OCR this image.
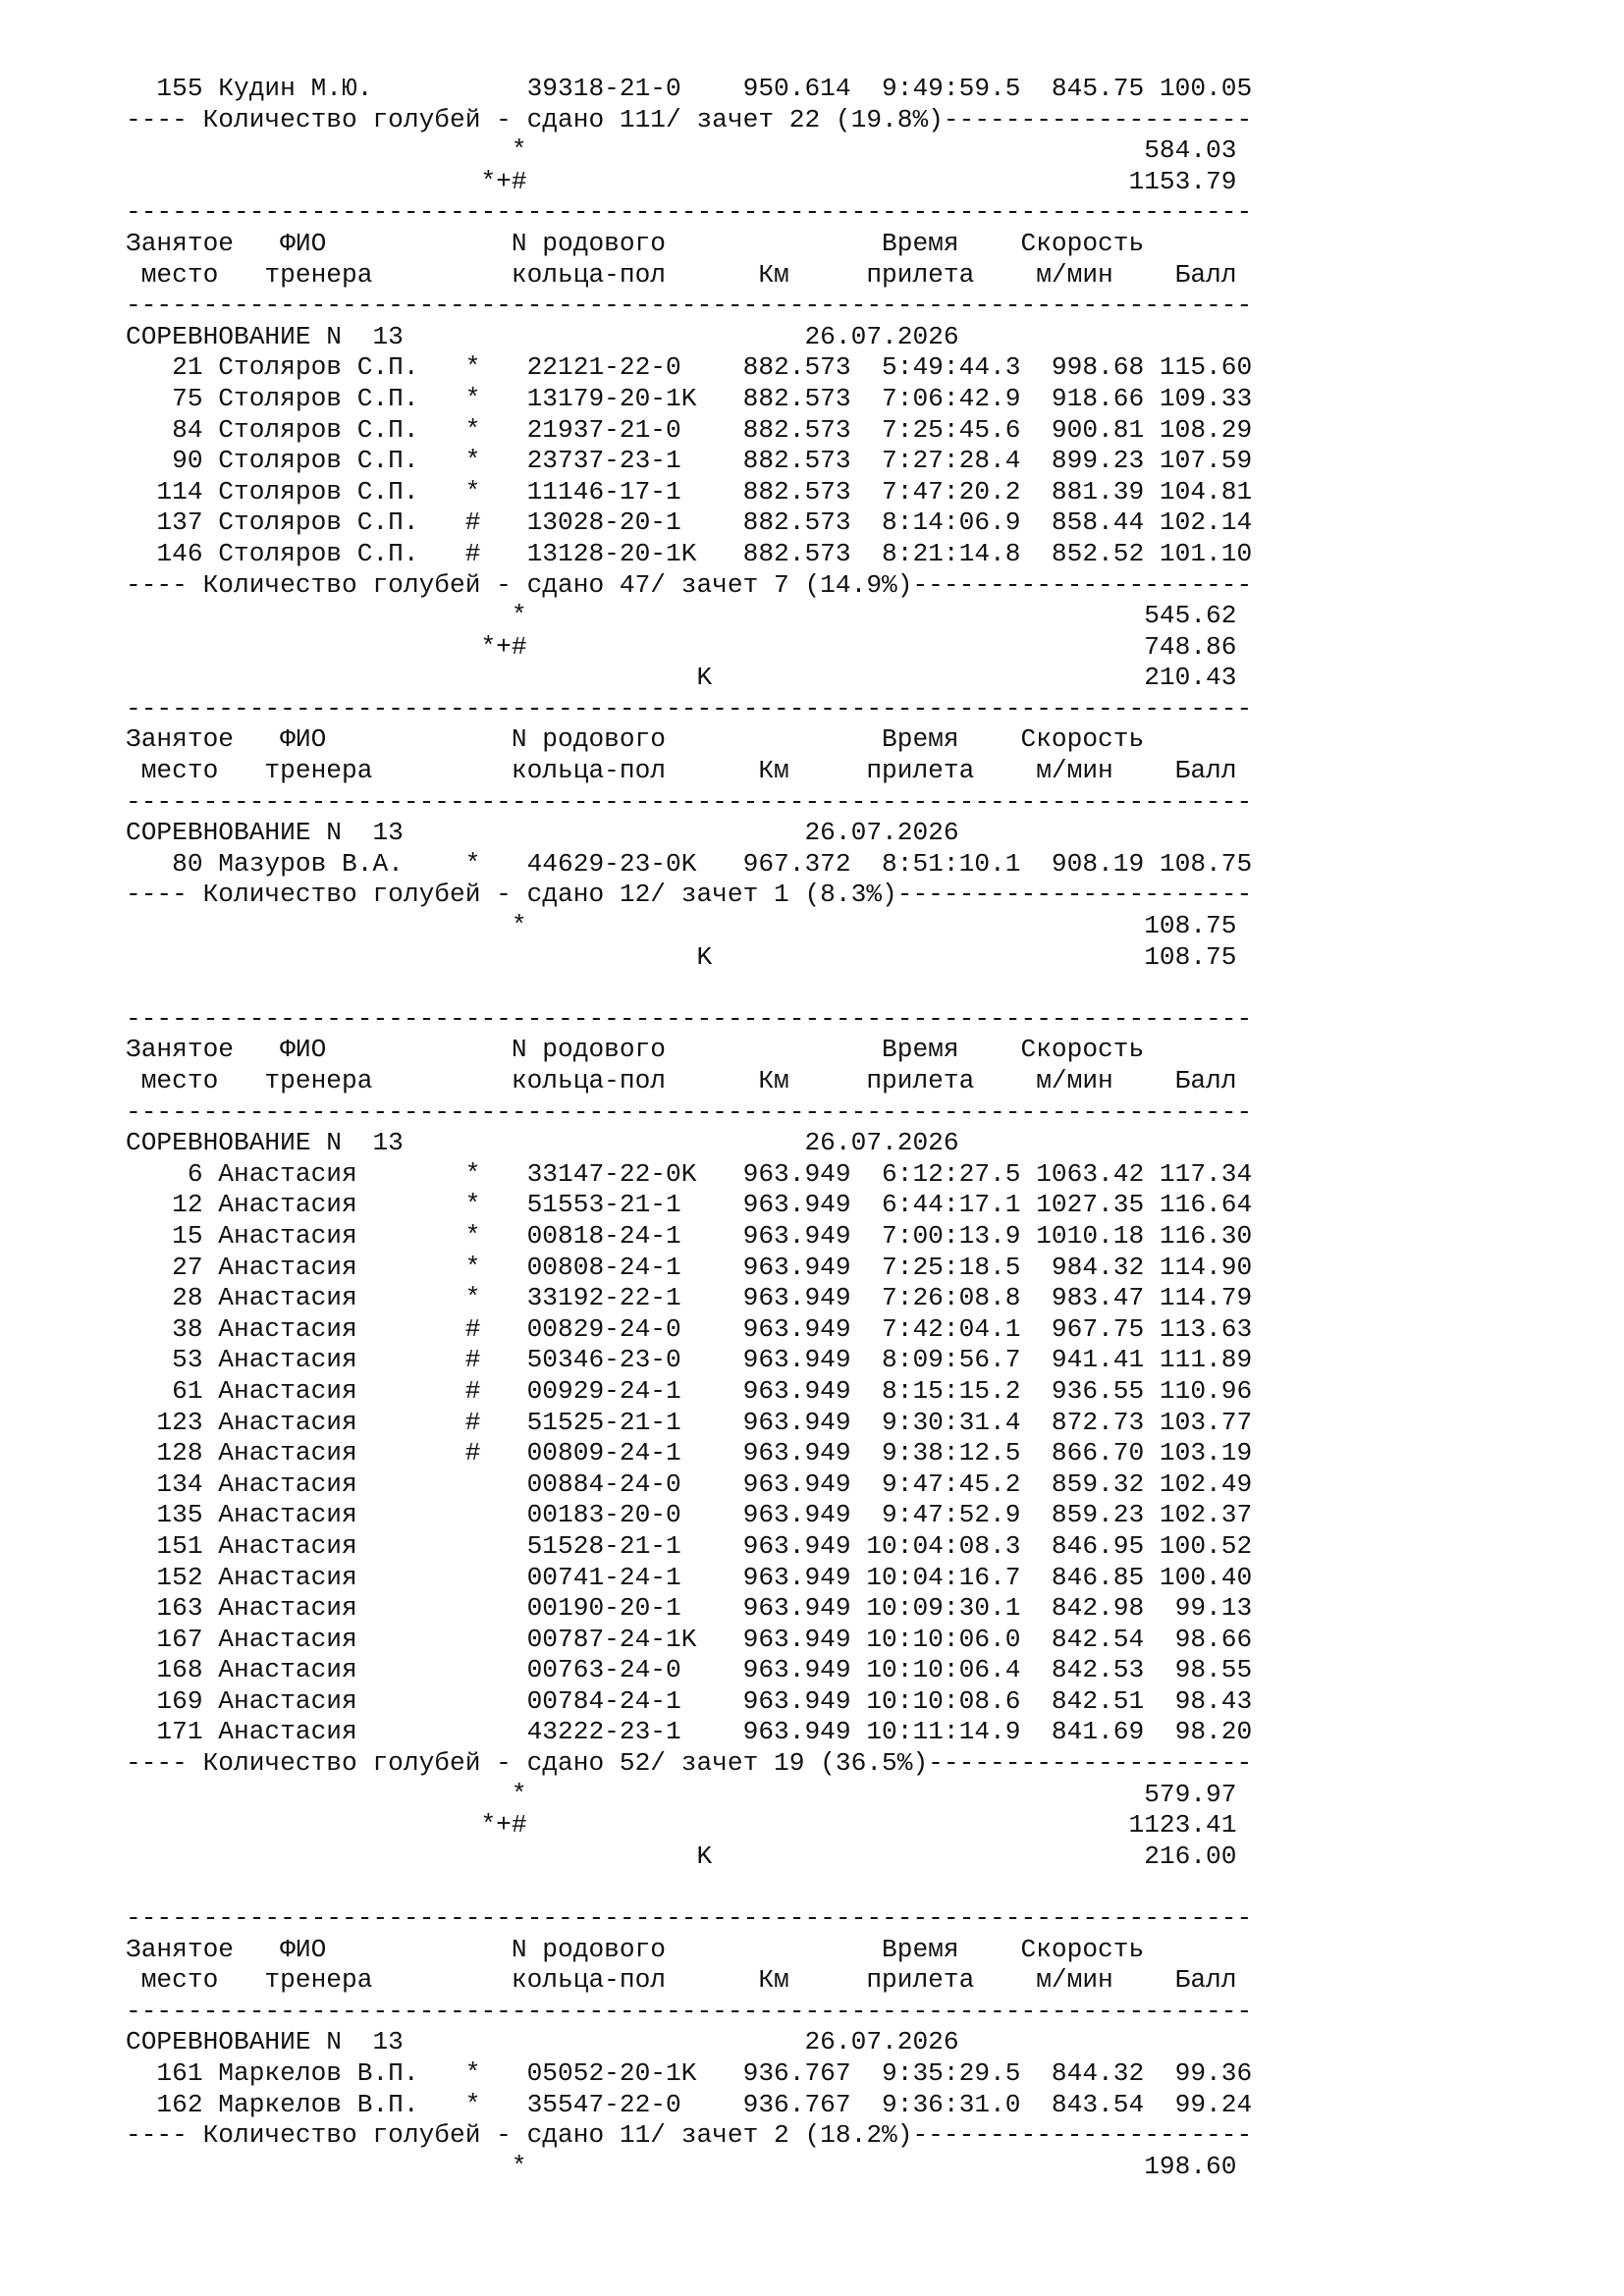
155 Кудин М.Ю.          39318-21-0    950.614  9:49:59.5  845.75 100.05
---- Количество голубей - сдано 111/ зачет 22 (19.8%)--------------------
*                                        584.03
*+#                                       1153.79
-------------------------------------------------------------------------
Занятое   ФИО            N родового              Время    Скорость
место   тренера         кольца-пол      Км     прилета    м/мин    Балл
-------------------------------------------------------------------------
СОРЕВНОВАНИЕ N  13                          26.07.2026
21 Столяров С.П.   *   22121-22-0    882.573  5:49:44.3  998.68 115.60
75 Столяров С.П.   *   13179-20-1K   882.573  7:06:42.9  918.66 109.33
84 Столяров С.П.   *   21937-21-0    882.573  7:25:45.6  900.81 108.29
90 Столяров С.П.   *   23737-23-1    882.573  7:27:28.4  899.23 107.59
114 Столяров С.П.   *   11146-17-1    882.573  7:47:20.2  881.39 104.81
137 Столяров С.П.   #   13028-20-1    882.573  8:14:06.9  858.44 102.14
146 Столяров С.П.   #   13128-20-1K   882.573  8:21:14.8  852.52 101.10
---- Количество голубей - сдано 47/ зачет 7 (14.9%)----------------------
*                                        545.62
*+#                                        748.86
K                            210.43
-------------------------------------------------------------------------
Занятое   ФИО            N родового              Время    Скорость
место   тренера         кольца-пол      Км     прилета    м/мин    Балл
-------------------------------------------------------------------------
СОРЕВНОВАНИЕ N  13                          26.07.2026
80 Мазуров В.А.    *   44629-23-0K   967.372  8:51:10.1  908.19 108.75
---- Количество голубей - сдано 12/ зачет 1 (8.3%)-----------------------
*                                        108.75
K                            108.75

-------------------------------------------------------------------------
Занятое   ФИО            N родового              Время    Скорость
место   тренера         кольца-пол      Км     прилета    м/мин    Балл
-------------------------------------------------------------------------
СОРЕВНОВАНИЕ N  13                          26.07.2026
6 Анастасия       *   33147-22-0K   963.949  6:12:27.5 1063.42 117.34
12 Анастасия       *   51553-21-1    963.949  6:44:17.1 1027.35 116.64
15 Анастасия       *   00818-24-1    963.949  7:00:13.9 1010.18 116.30
27 Анастасия       *   00808-24-1    963.949  7:25:18.5  984.32 114.90
28 Анастасия       *   33192-22-1    963.949  7:26:08.8  983.47 114.79
38 Анастасия       #   00829-24-0    963.949  7:42:04.1  967.75 113.63
53 Анастасия       #   50346-23-0    963.949  8:09:56.7  941.41 111.89
61 Анастасия       #   00929-24-1    963.949  8:15:15.2  936.55 110.96
123 Анастасия       #   51525-21-1    963.949  9:30:31.4  872.73 103.77
128 Анастасия       #   00809-24-1    963.949  9:38:12.5  866.70 103.19
134 Анастасия           00884-24-0    963.949  9:47:45.2  859.32 102.49
135 Анастасия           00183-20-0    963.949  9:47:52.9  859.23 102.37
151 Анастасия           51528-21-1    963.949 10:04:08.3  846.95 100.52
152 Анастасия           00741-24-1    963.949 10:04:16.7  846.85 100.40
163 Анастасия           00190-20-1    963.949 10:09:30.1  842.98  99.13
167 Анастасия           00787-24-1K   963.949 10:10:06.0  842.54  98.66
168 Анастасия           00763-24-0    963.949 10:10:06.4  842.53  98.55
169 Анастасия           00784-24-1    963.949 10:10:08.6  842.51  98.43
171 Анастасия           43222-23-1    963.949 10:11:14.9  841.69  98.20
---- Количество голубей - сдано 52/ зачет 19 (36.5%)---------------------
*                                        579.97
*+#                                       1123.41
K                            216.00

-------------------------------------------------------------------------
Занятое   ФИО            N родового              Время    Скорость
место   тренера         кольца-пол      Км     прилета    м/мин    Балл
-------------------------------------------------------------------------
СОРЕВНОВАНИЕ N  13                          26.07.2026
161 Маркелов В.П.   *   05052-20-1K   936.767  9:35:29.5  844.32  99.36
162 Маркелов В.П.   *   35547-22-0    936.767  9:36:31.0  843.54  99.24
---- Количество голубей - сдано 11/ зачет 2 (18.2%)----------------------
*                                        198.60
